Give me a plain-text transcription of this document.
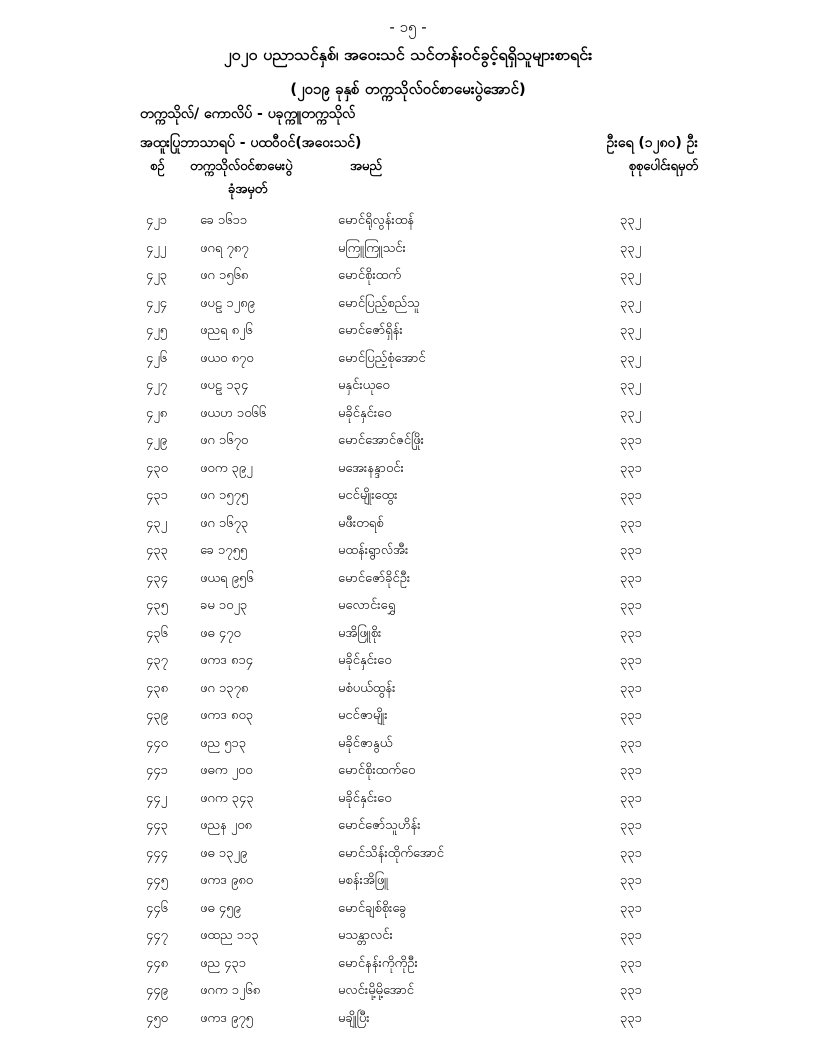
- ၁၅ -
၂၀၂၀ ပညာသင်နှစ်၊ အဝေးသင် သင်တန်းဝင်ခွင့်ရရှိသူများစာရင်း
(၂၀၁၉ ခုနှစ် တက္ကသိုလ်ဝင်စာမေးပွဲအောင်)
တက္ကသိုလ်/ ကောလိပ် - ပခုက္ကူတက္ကသိုလ်
အထူးပြုဘာသာရပ် - ပထဝီဝင်(အဝေးသင်)	ဦးရေ (၁၂၈၀) ဦး
စဉ် တက္ကသိုလ်ဝင်စာမေးပွဲ
ခုံအမှတ်
အမည်	စုစုပေါင်းရမှတ်
၄၂၁	ခေ ၁၆၁၁	မောင်ရိုလွန်းထန်	၃၃၂
၄၂၂	ဖဂရ ၇၈၇	မကြူကြူသင်း	၃၃၂
၄၂၃	ဖဂ ၁၅၆၈	မောင်စိုးထက်	၃၃၂
၄၂၄	ဖပဠ ၁၂၈၉	မောင်ပြည့်စည်သူ	၃၃၂
၄၂၅	ဖညရ ၈၂၆	မောင်ဇော်ရှိန်း	၃၃၂
၄၂၆	ဖယဝ ၈၇၀	မောင်ပြည့်စုံအောင်	၃၃၂
၄၂၇	ဖပဠ ၁၃၄	မနှင်းယုဝေ	၃၃၂
၄၂၈	ဖယဟ ၁၀၆၆	မခိုင်နှင်းဝေ	၃၃၂
၄၂၉	ဖဂ ၁၆၇၀	မောင်အောင်ဇင်ဖြိုး	၃၃၁
၄၃၀ ဖဝက ၃၉၂	မအေးနန္ဒာဝင်း	၃၃၁
၄၃၁ ဖဂ ၁၅၇၅	မငင်မျိုးထွေး	၃၃၁
၄၃၂	ဖဂ ၁၆၇၃	မဖီးတရစ်	၃၃၁
၄၃၃ ခေ ၁၇၅၅	မထန်းရွာလ်အီး	၃၃၁
၄၃၄ ဖယရ ၉၅၆	မောင်ဇော်ခိုင်ဦး	၃၃၁
၄၃၅ ခမ ၁၀၂၃	မလောင်းရွှေ	၃၃၁
၄၃၆ ဖဓ ၄၇၀	မအိဖြူစိုး	၃၃၁
၄၃၇ ဖကဒ ၈၁၄	မခိုင်နှင်းဝေ	၃၃၁
၄၃၈ ဖဂ ၁၃၇၈	မစံပယ်ထွန်း	၃၃၁
၄၃၉ ဖကဒ ၈၀၃	မငင်ဇာမျိုး	၃၃၁
၄၄၀ ဖည ၅၁၃	မခိုင်ဇာနွယ်	၃၃၁
၄၄၁ ဖဓက ၂၀၀	မောင်စိုးထက်ဝေ	၃၃၁
၄၄၂	ဖဂက ၃၄၃	မခိုင်နှင်းဝေ	၃၃၁
၄၄၃ ဖညန ၂၀၈	မောင်ဇော်သူဟိန်း	၃၃၁
၄၄၄ ဖဓ ၁၃၂၉	မောင်သိန်းထိုက်အောင်	၃၃၁
၄၄၅ ဖကဒ ၉၈၀	မစန်းအိဖြူ	၃၃၁
၄၄၆ ဖဓ ၄၅၉	မောင်ချစ်စိုးခွေ	၃၃၁
၄၄၇ ဖထည ၁၁၃	မသန္တာလင်း	၃၃၁
၄၄၈ ဖည ၄၃၁	မောင်နန်းကိုကိုဦး	၃၃၁
၄၄၉ ဖဂက ၁၂၆၈	မလင်းမို့မို့အောင်	၃၃၁
၄၅၀ ဖကဒ ၉၇၅	မချိုပြီး	၃၃၁
